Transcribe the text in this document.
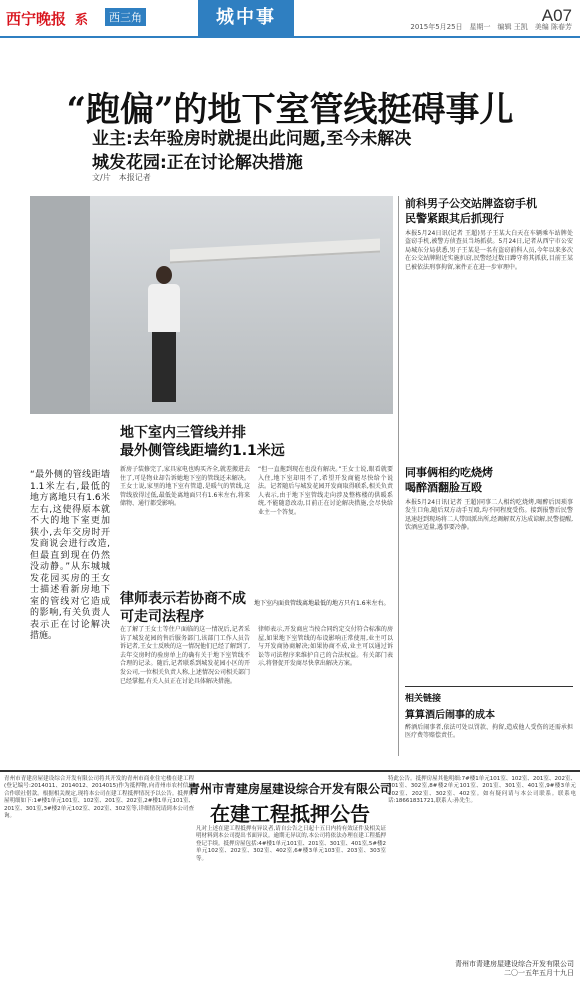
西宁晚报 系	西三角	城中事	A07
2015年5月25日　星期一　编辑 王凯　美编 陈春芳
“跑偏”的地下室管线挺碍事儿
业主:去年验房时就提出此问题,至今未解决
城发花园:正在讨论解决措施
文/片　本报记者
地下室内面贵管线离地最低的地方只有1.6米左右。
地下室内三管线并排
最外侧管线距墙约1.1米远
律师表示若协商不成
可走司法程序
“最外侧的管线距墙1.1米左右,最低的地方离地只有1.6米左右,这使得原本就不大的地下室更加狭小,去年交房时开发商说会进行改造,但最直到现在仍然没动静。”从东城城发花园买房的王女士描述看新房地下室的管线对它造成的影响,有关负责人表示正在讨论解决措施。
新房子装修完了,家具家电也购买齐全,就差搬进去住了,可是物业却告诉她地下室的管线还未解决。王女士说,家里的地下室有管道,是暖气的管线,这管线放得过低,最低处离地面只有1.6米左右,将来储物、通行都受影响。
“但一直拖到现在也没有解决。”王女士说,眼看就要入住,地下室却用不了,希望开发商能尽快给个说法。记者随后与城发花园开发商取得联系,相关负责人表示,由于地下室管线走向涉及整栋楼的供暖系统,不能随意改动,目前正在讨论解决措施,会尽快给业主一个答复。
在了解了王女士等住户面临的这一情况后,记者采访了城发花园的售后服务部门,该部门工作人员告诉记者,王女士反映的这一情况他们已经了解到了,去年交房时的验房单上的确有关于地下室管线不合理的记录。随后,记者联系到城发花园小区的开发公司,一位相关负责人称,上述情况公司相关部门已经掌握,有关人员正在讨论具体解决措施。
律师表示,开发商应当按合同约定交付符合标准的房屋,如果地下室管线的布设影响正常使用,业主可以与开发商协商解决;如果协商不成,业主可以通过诉讼等司法程序来维护自己的合法权益。有关部门表示,将督促开发商尽快拿出解决方案。
前科男子公交站牌盗窃手机
民警紧跟其后抓现行
本报5月24日讯(记者 王超)男子王某大白天在车辆乘车站牌处盗窃手机,被警方侦查员当场抓获。5月24日,记者从西宁市公安局城东分局获悉,男子王某是一名有盗窃前科人员,今年以来多次在公交站牌附近实施扒窃,民警经过数日蹲守将其抓获,目前王某已被依法刑事拘留,案件正在进一步审理中。
同事俩相约吃烧烤
喝醉酒翻脸互殴
本报5月24日讯(记者 王超)同事二人相约吃烧烤,喝醉后因琐事发生口角,随后双方动手互殴,均不同程度受伤。接到报警后民警迅速赶到现场将二人带回派出所,经调解双方达成谅解,民警提醒,饮酒应适量,遇事要冷静。
相关链接
算算酒后闹事的成本
醉酒后闹事者,依法可处以罚款、拘留,造成他人受伤的还需承担医疗费等赔偿责任。
青州市青建房屋建设综合开发有限公司将其开发的青州市商业住宅楼在建工程(登记编号:2014011、2014012、2014015)作为抵押物,向青州市农村信用合作联社借款。根据相关规定,现将本公司在建工程抵押情况予以公告。抵押房屋明细如下:1#楼1单元101室、102室、201室、202室,2#楼1单元101室、201室、301室,3#楼2单元102室、202室、302室等,详细情况请到本公司查询。
青州市青建房屋建设综合开发有限公司
在建工程抵押公告
凡对上述在建工程抵押有异议者,请自公告之日起十五日内持有效证件及相关证明材料到本公司提出书面异议。逾期无异议的,本公司将依法办理在建工程抵押登记手续。抵押房屋包括:4#楼1单元101室、201室、301室、401室,5#楼2单元102室、202室、302室、402室,6#楼3单元103室、203室、303室等。
特此公告。抵押房屋其他明细:7#楼1单元101室、102室、201室、202室、301室、302室,8#楼2单元101室、201室、301室、401室,9#楼3单元102室、202室、302室、402室。如有疑问请与本公司联系。联系电话:18661831721,联系人:孙先生。
青州市青建房屋建设综合开发有限公司
二〇一五年五月十九日
